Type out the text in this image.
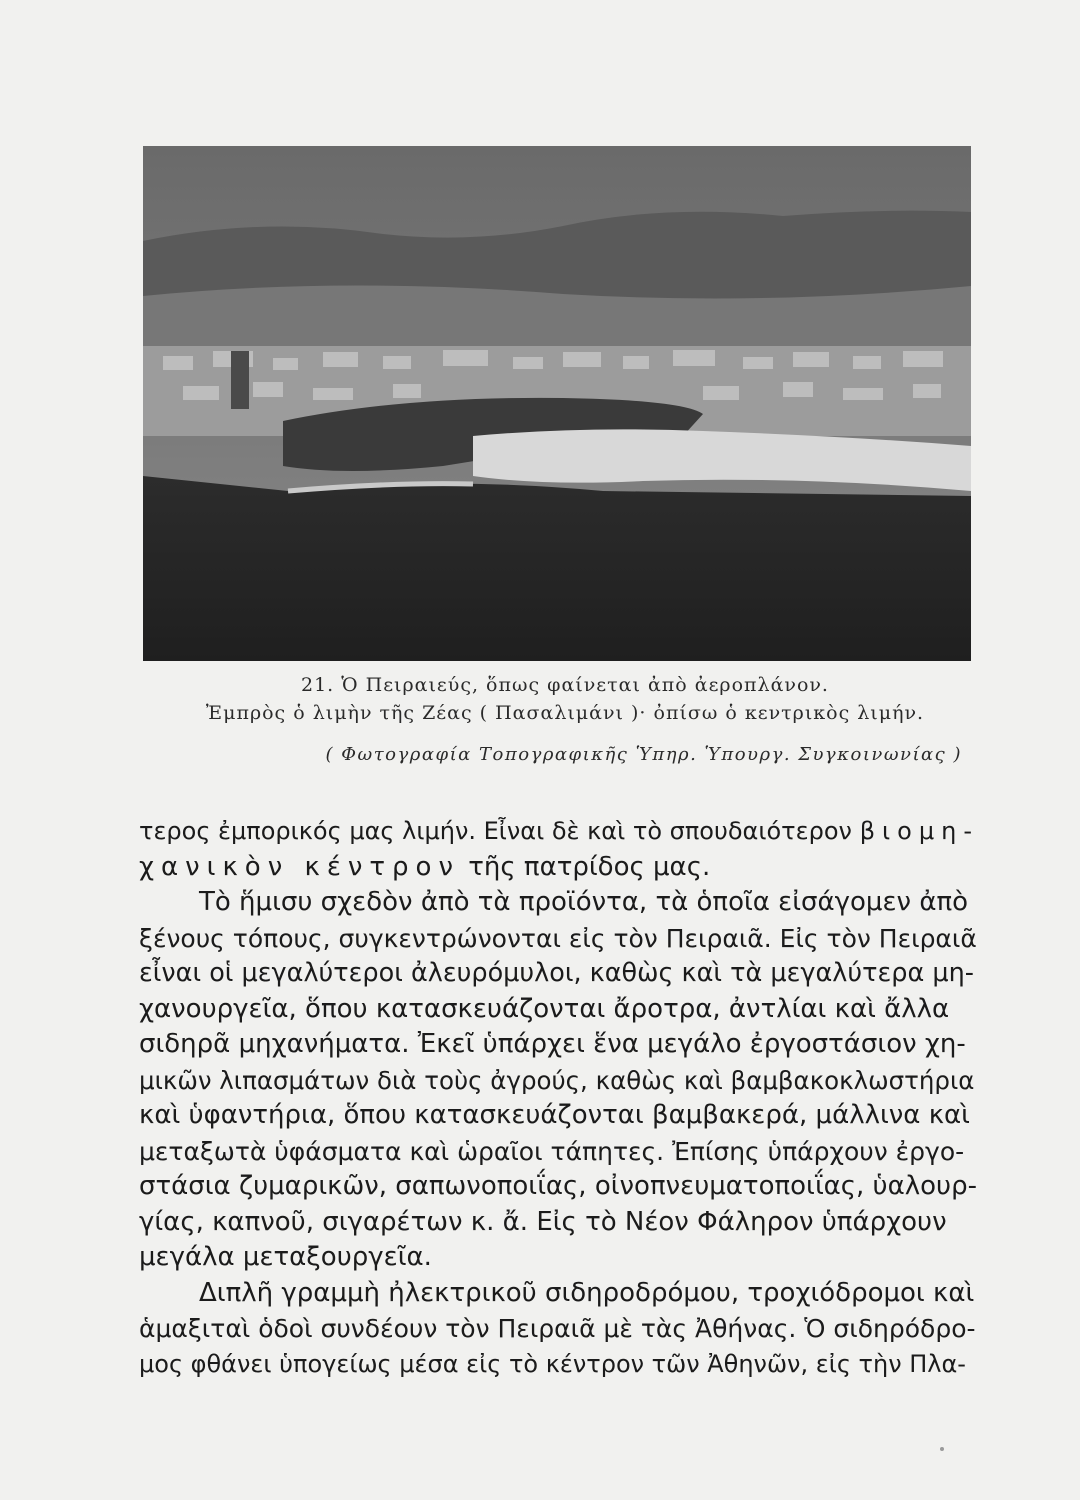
21. Ὁ Πειραιεύς, ὅπως φαίνεται ἀπὸ ἀεροπλάνον.
Ἐμπρὸς ὁ λιμὴν τῆς Ζέας ( Πασαλιμάνι )· ὀπίσω ὁ κεντρικὸς λιμήν.
( Φωτογραφία Τοπογραφικῆς Ὑπηρ. Ὑπουργ. Συγκοινωνίας )
τερος ἐμπορικός μας λιμήν. Εἶναι δὲ καὶ τὸ σπουδαιότερον βιομη-
χανικὸν κέντρον τῆς πατρίδος μας.
Τὸ ἥμισυ σχεδὸν ἀπὸ τὰ προϊόντα, τὰ ὁποῖα εἰσάγομεν ἀπὸ
ξένους τόπους, συγκεντρώνονται εἰς τὸν Πειραιᾶ. Εἰς τὸν Πειραιᾶ
εἶναι οἱ μεγαλύτεροι ἀλευρόμυλοι, καθὼς καὶ τὰ μεγαλύτερα μη-
χανουργεῖα, ὅπου κατασκευάζονται ἄροτρα, ἀντλίαι καὶ ἄλλα
σιδηρᾶ μηχανήματα. Ἐκεῖ ὑπάρχει ἕνα μεγάλο ἐργοστάσιον χη-
μικῶν λιπασμάτων διὰ τοὺς ἀγρούς, καθὼς καὶ βαμβακοκλωστήρια
καὶ ὑφαντήρια, ὅπου κατασκευάζονται βαμβακερά, μάλλινα καὶ
μεταξωτὰ ὑφάσματα καὶ ὡραῖοι τάπητες. Ἐπίσης ὑπάρχουν ἐργο-
στάσια ζυμαρικῶν, σαπωνοποιΐας, οἰνοπνευματοποιΐας, ὑαλουρ-
γίας, καπνοῦ, σιγαρέτων κ. ἄ. Εἰς τὸ Νέον Φάληρον ὑπάρχουν
μεγάλα μεταξουργεῖα.
Διπλῆ γραμμὴ ἠλεκτρικοῦ σιδηροδρόμου, τροχιόδρομοι καὶ
ἁμαξιταὶ ὁδοὶ συνδέουν τὸν Πειραιᾶ μὲ τὰς Ἀθήνας. Ὁ σιδηρόδρο-
μος φθάνει ὑπογείως μέσα εἰς τὸ κέντρον τῶν Ἀθηνῶν, εἰς τὴν Πλα-
